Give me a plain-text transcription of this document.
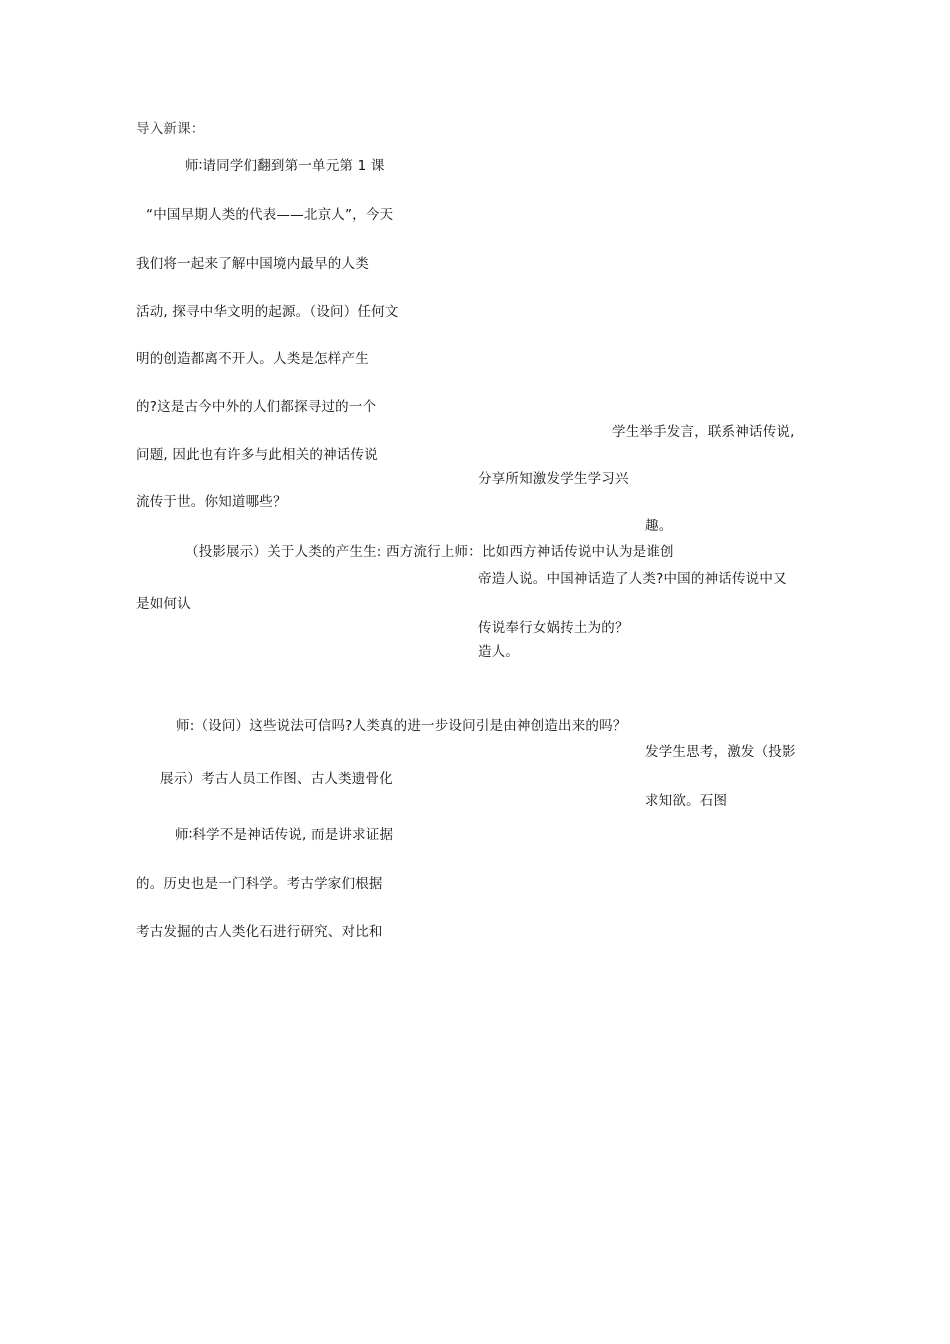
导入新课：
师∶请同学们翻到第一单元第 1 课
“中国早期人类的代表——北京人”，今天
我们将一起来了解中国境内最早的人类
活动, 探寻中华文明的起源。（设问）任何文
明的创造都离不开人。人类是怎样产生
的?这是古今中外的人们都探寻过的一个
问题, 因此也有许多与此相关的神话传说
流传于世。你知道哪些？
学生举手发言，联系神话传说,
分享所知激发学生学习兴
趣。
（投影展示）关于人类的产生生: 西方流行上师：比如西方神话传说中认为是谁创
帝造人说。中国神话造了人类?中国的神话传说中又
是如何认
传说奉行女娲抟土为的？
造人。
师:（设问）这些说法可信吗?人类真的进一步设问引是由神创造出来的吗？
发学生思考，激发（投影
展示）考古人员工作图、古人类遗骨化
求知欲。石图
师∶科学不是神话传说, 而是讲求证据
的。历史也是一门科学。考古学家们根据
考古发掘的古人类化石进行研究、对比和
